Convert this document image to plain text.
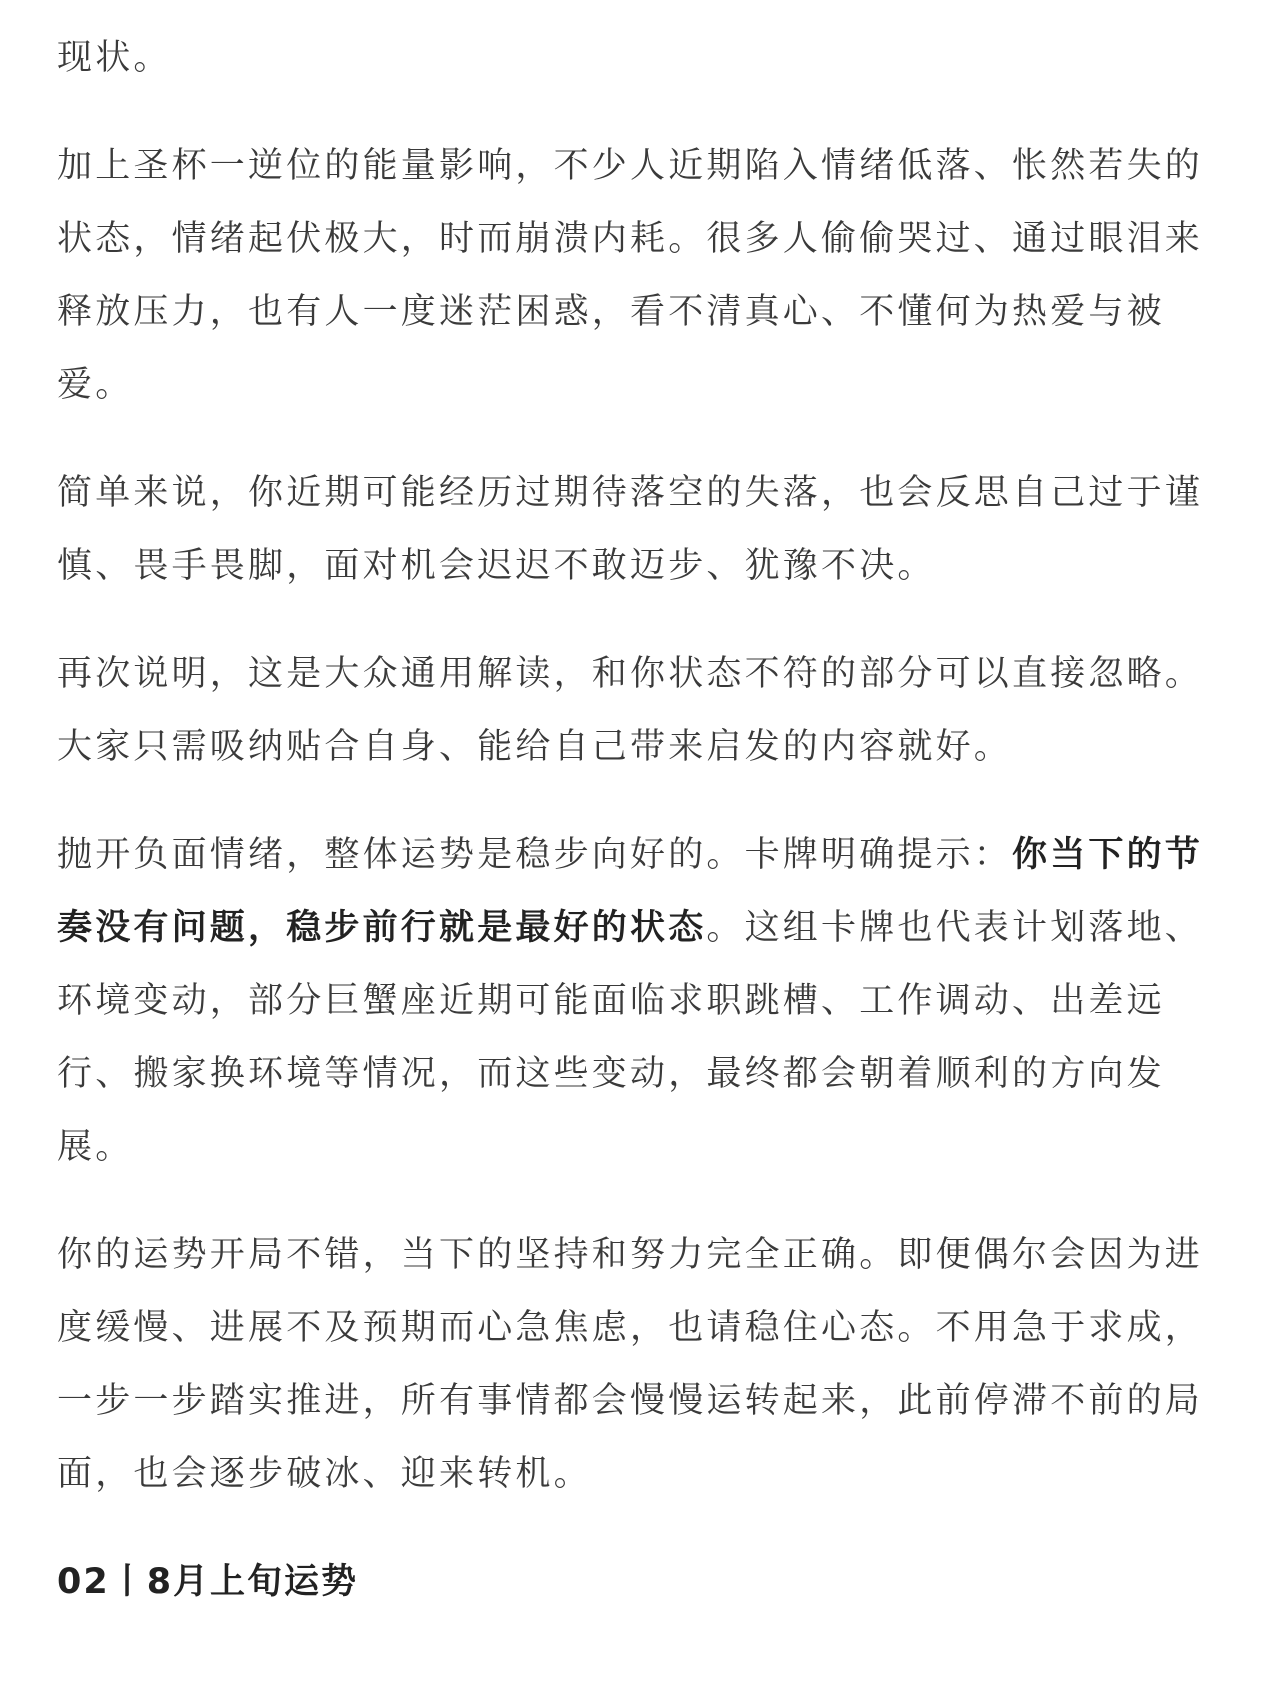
现状。

加上圣杯一逆位的能量影响，不少人近期陷入情绪低落、怅然若失的状态，情绪起伏极大，时而崩溃内耗。很多人偷偷哭过、通过眼泪来释放压力，也有人一度迷茫困惑，看不清真心、不懂何为热爱与被爱。

简单来说，你近期可能经历过期待落空的失落，也会反思自己过于谨慎、畏手畏脚，面对机会迟迟不敢迈步、犹豫不决。

再次说明，这是大众通用解读，和你状态不符的部分可以直接忽略。大家只需吸纳贴合自身、能给自己带来启发的内容就好。

抛开负面情绪，整体运势是稳步向好的。卡牌明确提示：你当下的节奏没有问题，稳步前行就是最好的状态。这组卡牌也代表计划落地、环境变动，部分巨蟹座近期可能面临求职跳槽、工作调动、出差远行、搬家换环境等情况，而这些变动，最终都会朝着顺利的方向发展。

你的运势开局不错，当下的坚持和努力完全正确。即便偶尔会因为进度缓慢、进展不及预期而心急焦虑，也请稳住心态。不用急于求成，一步一步踏实推进，所有事情都会慢慢运转起来，此前停滞不前的局面，也会逐步破冰、迎来转机。

02丨8月上旬运势
